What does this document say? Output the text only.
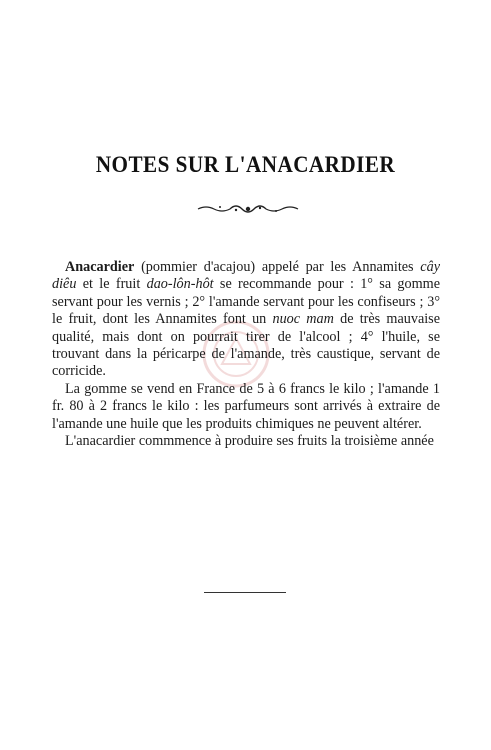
NOTES SUR L'ANACARDIER

Anacardier (pommier d'acajou) appelé par les Annamites cây diêu et le fruit dao-lôn-hôt se recommande pour : 1° sa gomme servant pour les vernis ; 2° l'amande servant pour les confiseurs ; 3° le fruit, dont les Annamites font un nuoc mam de très mauvaise qualité, mais dont on pourrait tirer de l'alcool ; 4° l'huile, se trouvant dans la péricarpe de l'amande, très caustique, servant de corricide.

La gomme se vend en France de 5 à 6 francs le kilo ; l'amande 1 fr. 80 à 2 francs le kilo : les parfumeurs sont arrivés à extraire de l'amande une huile que les produits chimiques ne peuvent altérer.

L'anacardier commmence à produire ses fruits la troisième année
